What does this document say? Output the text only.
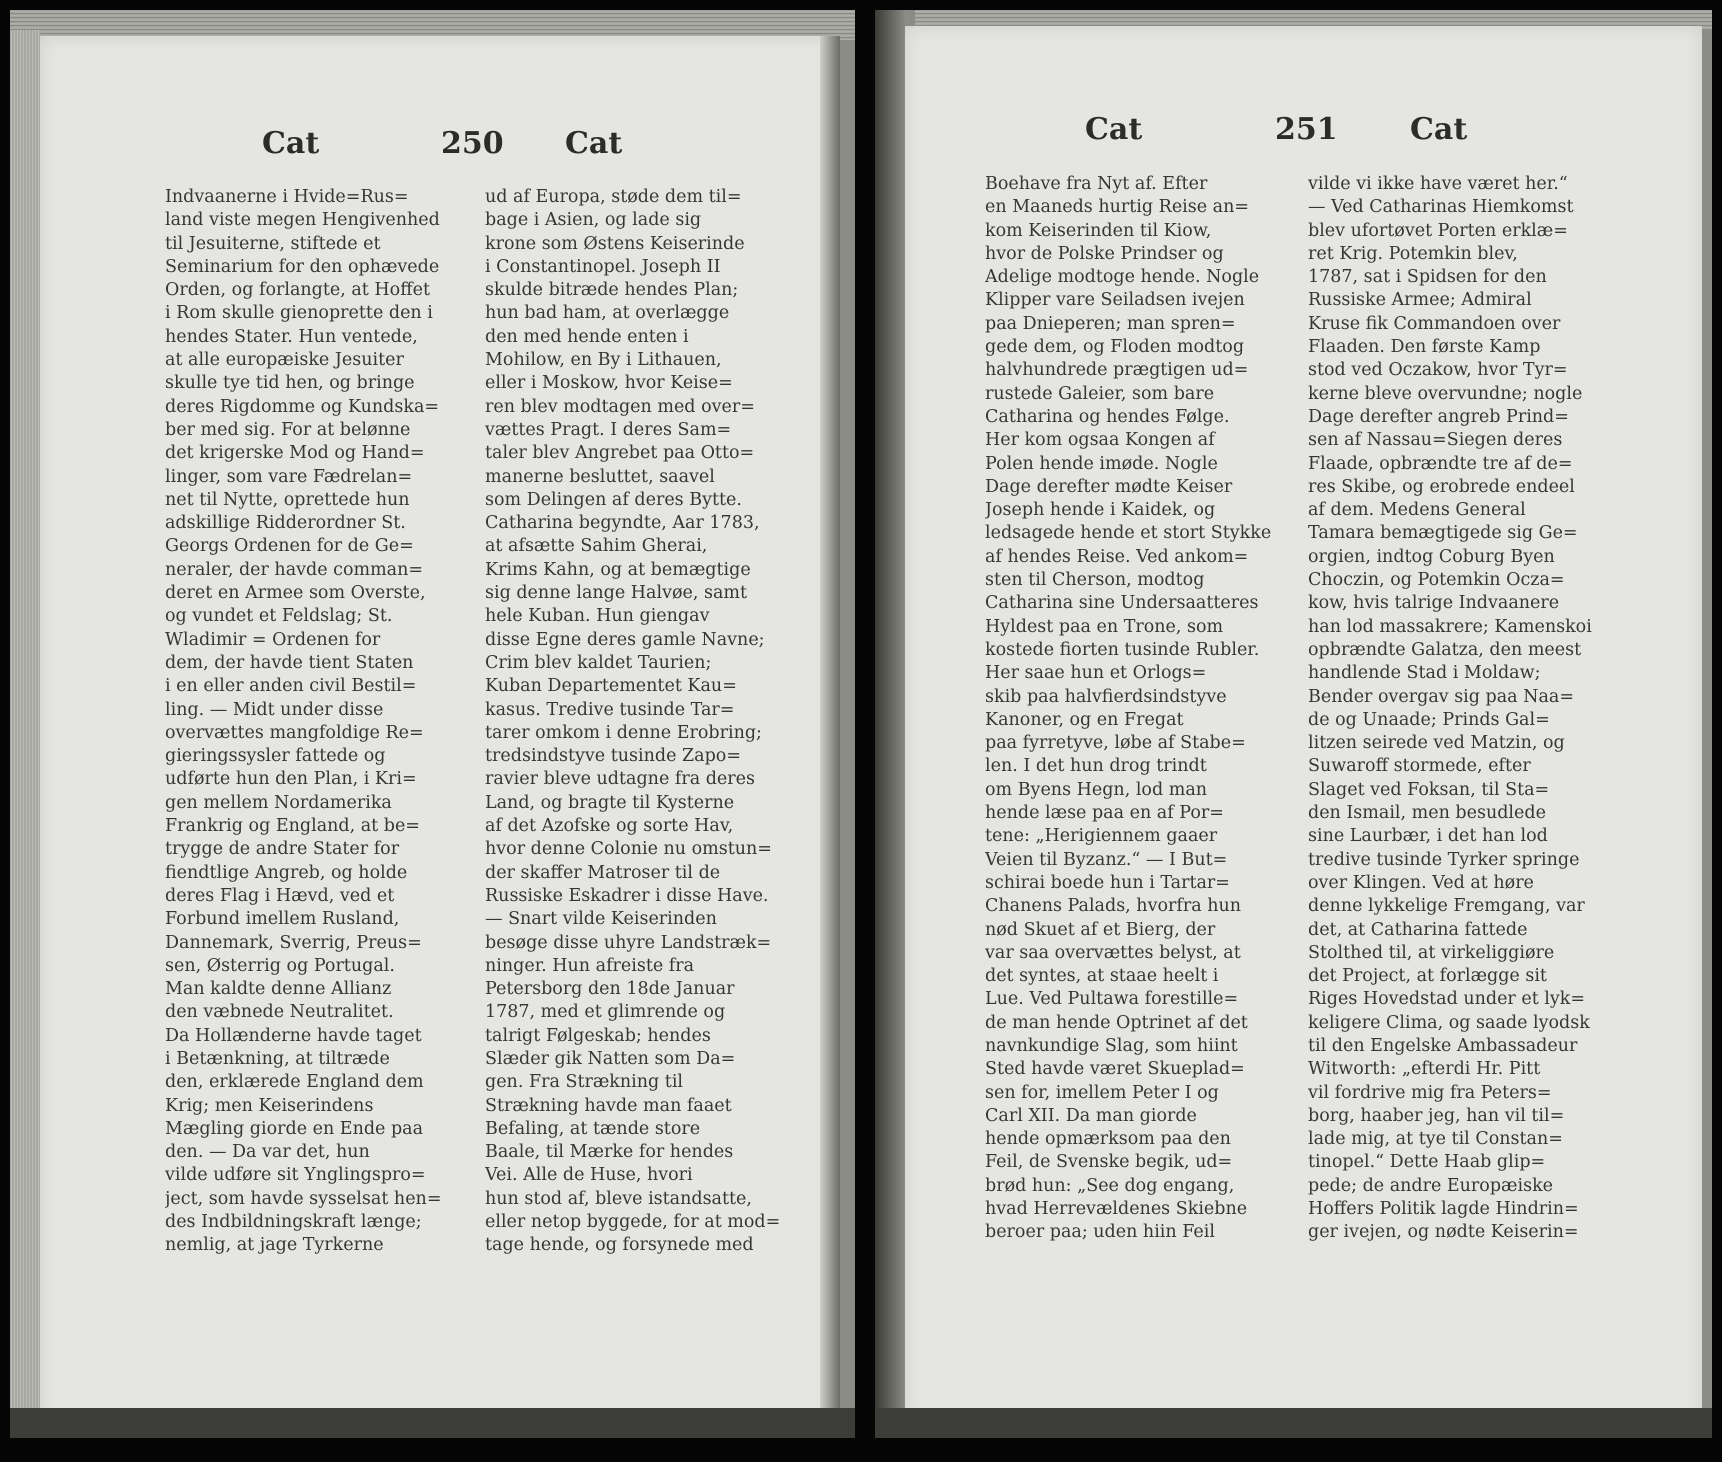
Cat	250 Cat
Indvaanerne i Hvide=Rus=
land viste megen Hengivenhed
til Jesuiterne, stiftede et
Seminarium for den ophævede
Orden, og forlangte, at Hoffet
i Rom skulle gienoprette den i
hendes Stater. Hun ventede,
at alle europæiske Jesuiter
skulle tye tid hen, og bringe
deres Rigdomme og Kundska=
ber med sig. For at belønne
det krigerske Mod og Hand=
linger, som vare Fædrelan=
net til Nytte, oprettede hun
adskillige Ridderordner St.
Georgs Ordenen for de Ge=
neraler, der havde comman=
deret en Armee som Overste,
og vundet et Feldslag; St.
Wladimir = Ordenen for
dem, der havde tient Staten
i en eller anden civil Bestil=
ling. — Midt under disse
overvættes mangfoldige Re=
gieringssysler fattede og
udførte hun den Plan, i Kri=
gen mellem Nordamerika
Frankrig og England, at be=
trygge de andre Stater for
fiendtlige Angreb, og holde
deres Flag i Hævd, ved et
Forbund imellem Rusland,
Dannemark, Sverrig, Preus=
sen, Østerrig og Portugal.
Man kaldte denne Allianz
den væbnede Neutralitet.
Da Hollænderne havde taget
i Betænkning, at tiltræde
den, erklærede England dem
Krig; men Keiserindens
Mægling giorde en Ende paa
den. — Da var det, hun
vilde udføre sit Ynglingspro=
ject, som havde sysselsat hen=
des Indbildningskraft længe;
nemlig, at jage Tyrkerne
ud af Europa, støde dem til=
bage i Asien, og lade sig
krone som Østens Keiserinde
i Constantinopel. Joseph II
skulde bitræde hendes Plan;
hun bad ham, at overlægge
den med hende enten i
Mohilow, en By i Lithauen,
eller i Moskow, hvor Keise=
ren blev modtagen med over=
vættes Pragt. I deres Sam=
taler blev Angrebet paa Otto=
manerne besluttet, saavel
som Delingen af deres Bytte.
Catharina begyndte, Aar 1783,
at afsætte Sahim Gherai,
Krims Kahn, og at bemægtige
sig denne lange Halvøe, samt
hele Kuban. Hun giengav
disse Egne deres gamle Navne;
Crim blev kaldet Taurien;
Kuban Departementet Kau=
kasus. Tredive tusinde Tar=
tarer omkom i denne Erobring;
tredsindstyve tusinde Zapo=
ravier bleve udtagne fra deres
Land, og bragte til Kysterne
af det Azofske og sorte Hav,
hvor denne Colonie nu omstun=
der skaffer Matroser til de
Russiske Eskadrer i disse Have.
— Snart vilde Keiserinden
besøge disse uhyre Landstræk=
ninger. Hun afreiste fra
Petersborg den 18de Januar
1787, med et glimrende og
talrigt Følgeskab; hendes
Slæder gik Natten som Da=
gen. Fra Strækning til
Strækning havde man faaet
Befaling, at tænde store
Baale, til Mærke for hendes
Vei. Alle de Huse, hvori
hun stod af, bleve istandsatte,
eller netop byggede, for at mod=
tage hende, og forsynede med
Cat	251 Cat
Boehave fra Nyt af. Efter
en Maaneds hurtig Reise an=
kom Keiserinden til Kiow,
hvor de Polske Prindser og
Adelige modtoge hende. Nogle
Klipper vare Seiladsen ivejen
paa Dnieperen; man spren=
gede dem, og Floden modtog
halvhundrede prægtigen ud=
rustede Galeier, som bare
Catharina og hendes Følge.
Her kom ogsaa Kongen af
Polen hende imøde. Nogle
Dage derefter mødte Keiser
Joseph hende i Kaidek, og
ledsagede hende et stort Stykke
af hendes Reise. Ved ankom=
sten til Cherson, modtog
Catharina sine Undersaatteres
Hyldest paa en Trone, som
kostede fiorten tusinde Rubler.
Her saae hun et Orlogs=
skib paa halvfierdsindstyve
Kanoner, og en Fregat
paa fyrretyve, løbe af Stabe=
len. I det hun drog trindt
om Byens Hegn, lod man
hende læse paa en af Por=
tene: „Herigiennem gaaer
Veien til Byzanz.“ — I But=
schirai boede hun i Tartar=
Chanens Palads, hvorfra hun
nød Skuet af et Bierg, der
var saa overvættes belyst, at
det syntes, at staae heelt i
Lue. Ved Pultawa forestille=
de man hende Optrinet af det
navnkundige Slag, som hiint
Sted havde været Skueplad=
sen for, imellem Peter I og
Carl XII. Da man giorde
hende opmærksom paa den
Feil, de Svenske begik, ud=
brød hun: „See dog engang,
hvad Herrevældenes Skiebne
beroer paa; uden hiin Feil
vilde vi ikke have været her.“
— Ved Catharinas Hiemkomst
blev ufortøvet Porten erklæ=
ret Krig. Potemkin blev,
1787, sat i Spidsen for den
Russiske Armee; Admiral
Kruse fik Commandoen over
Flaaden. Den første Kamp
stod ved Oczakow, hvor Tyr=
kerne bleve overvundne; nogle
Dage derefter angreb Prind=
sen af Nassau=Siegen deres
Flaade, opbrændte tre af de=
res Skibe, og erobrede endeel
af dem. Medens General
Tamara bemægtigede sig Ge=
orgien, indtog Coburg Byen
Choczin, og Potemkin Ocza=
kow, hvis talrige Indvaanere
han lod massakrere; Kamenskoi
opbrændte Galatza, den meest
handlende Stad i Moldaw;
Bender overgav sig paa Naa=
de og Unaade; Prinds Gal=
litzen seirede ved Matzin, og
Suwaroff stormede, efter
Slaget ved Foksan, til Sta=
den Ismail, men besudlede
sine Laurbær, i det han lod
tredive tusinde Tyrker springe
over Klingen. Ved at høre
denne lykkelige Fremgang, var
det, at Catharina fattede
Stolthed til, at virkeliggiøre
det Project, at forlægge sit
Riges Hovedstad under et lyk=
keligere Clima, og saade lyodsk
til den Engelske Ambassadeur
Witworth: „efterdi Hr. Pitt
vil fordrive mig fra Peters=
borg, haaber jeg, han vil til=
lade mig, at tye til Constan=
tinopel.“ Dette Haab glip=
pede; de andre Europæiske
Hoffers Politik lagde Hindrin=
ger ivejen, og nødte Keiserin=
